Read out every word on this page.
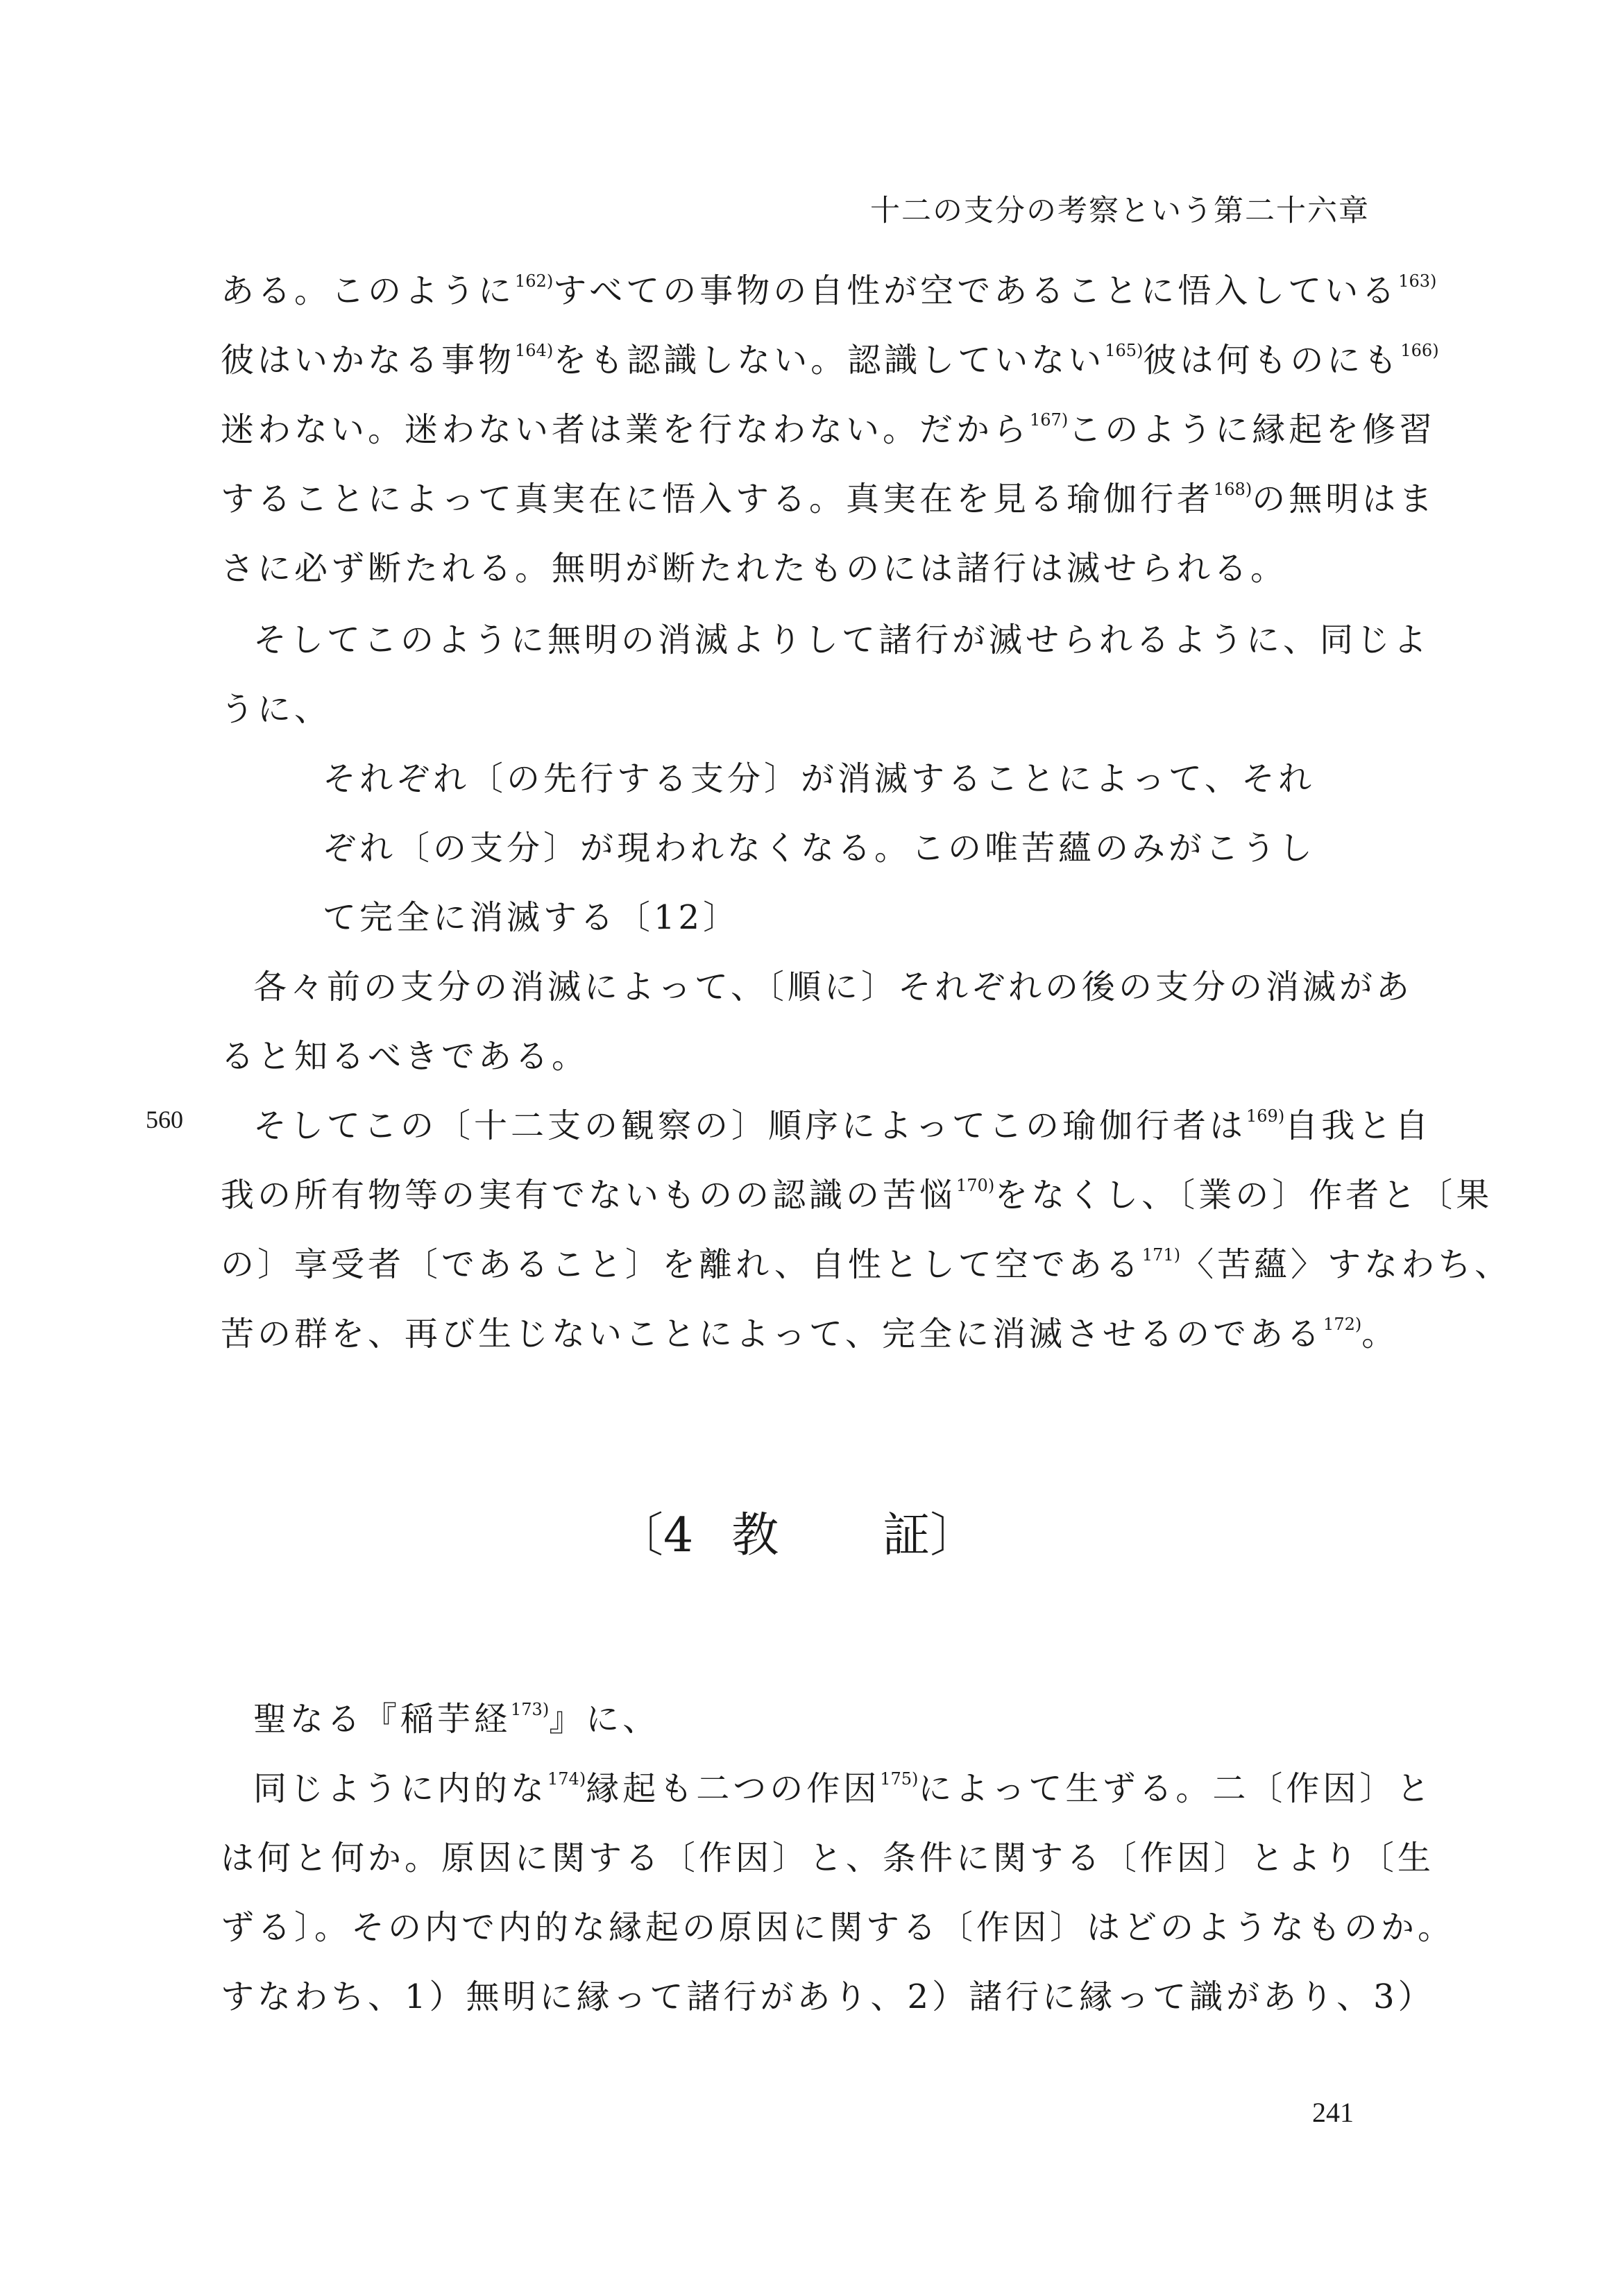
十二の支分の考察という第二十六章
ある。このように$^{162)}$すべての事物の自性が空であることに悟入している$^{163)}$
彼はいかなる事物$^{164)}$をも認識しない。認識していない$^{165)}$彼は何ものにも$^{166)}$
迷わない。迷わない者は業を行なわない。だから$^{167)}$このように縁起を修習
することによって真実在に悟入する。真実在を見る瑜伽行者$^{168)}$の無明はま
さに必ず断たれる。無明が断たれたものには諸行は滅せられる。
そしてこのように無明の消滅よりして諸行が滅せられるように、同じよ
うに、
それぞれ〔の先行する支分〕が消滅することによって、それ
ぞれ〔の支分〕が現われなくなる。この唯苦蘊のみがこうし
て完全に消滅する〔12〕
各々前の支分の消滅によって、〔順に〕それぞれの後の支分の消滅があ
ると知るべきである。
560 そしてこの〔十二支の観察の〕順序によってこの瑜伽行者は$^{169)}$自我と自
我の所有物等の実有でないものの認識の苦悩$^{170)}$をなくし、〔業の〕作者と〔果
の〕享受者〔であること〕を離れ、自性として空である$^{171)}$〈苦蘊〉すなわち、
苦の群を、再び生じないことによって、完全に消滅させるのである$^{172)}$。
〔4 教 証〕
聖なる『稲芋経$^{173)}$』に、
同じように内的な$^{174)}$縁起も二つの作因$^{175)}$によって生ずる。二〔作因〕と
は何と何か。原因に関する〔作因〕と、条件に関する〔作因〕とより〔生
ずる〕。その内で内的な縁起の原因に関する〔作因〕はどのようなものか。
すなわち、1）無明に縁って諸行があり、2）諸行に縁って識があり、3）
241
